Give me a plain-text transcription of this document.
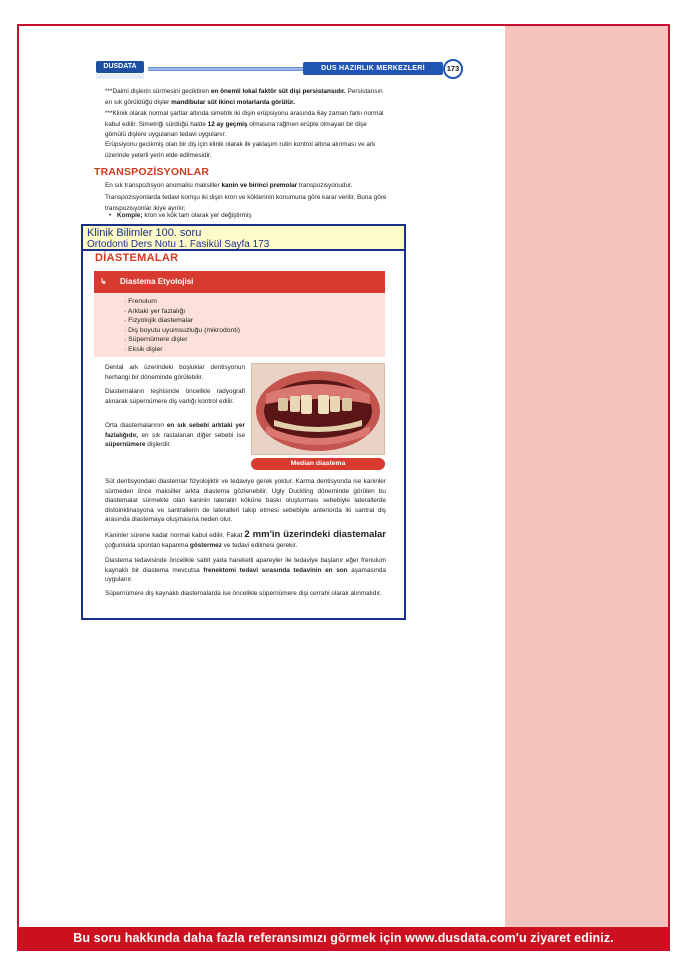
DUSDATA	DUS HAZIRLIK MERKEZLERİ	173
***Daimi dişlerin sürmesini geciktiren en önemli lokal faktör süt dişi persistansıdır. Persistansın en sık görüldüğü dişler mandibular süt ikinci molarlarda görülür.
***Klinik olarak normal şartlar altında simetrik iki dişin erüpsiyonu arasında 6ay zaman farkı normal kabul edilir. Simetriği sürdüğü halde 12 ay geçmiş olmasına rağmen erüpte olmayan bir dişe gömülü dişlere uygulanan tedavi uygulanır.
Erüpsiyonu gecikmiş olan bir diş için klinik olarak ilk yaklaşım rutin kontrol altına alınması ve ark üzerinde yeterli yerin elde edilmesidir.
TRANSPOZİSYONLAR
En sık transpozisyon anomalisi maksiller kanin ve birinci premolar transpozisyonudur.
Transpozisyonlarda tedavi komşu iki dişin kron ve köklerinin konumuna göre karar verilir. Buna göre transpozisyonlar ikiye ayrılır;
• Komple; kron ve kök tam olarak yer değiştirmiş
Klinik Bilimler 100. soru
Ortodonti Ders Notu 1. Fasikül Sayfa 173
DİASTEMALAR
↳ Diastema Etyolojisi
· Frenulum
· Arktaki yer fazlalığı
· Fizyolojik diastemalar
· Diş boyutu uyumsuzluğu (mikrodonti)
· Süpernümere dişler
· Eksik dişler
Dental ark üzerindeki boşluklar dentisyonun herhangi bir döneminde görülebilir.
Diastemaların teşhisinde öncelikle radyografi alınarak süpernümere diş varlığı kontrol edilir.
Orta diastemalarının en sık sebebi arktaki yer fazlalığıdır, en sık rastalanan diğer sebebi ise süpernümere dişlerdir.
Median diastema
Süt dentisyondaki diastemlar fizyolojiktir ve tedaviye gerek yoktur. Karma dentisyonda ise kaninler sürmeden önce maksiller arkta diastema gözlenebilir. Ugly Duckling döneminde görülen bu diastemalar sürmekte olan kaninin lateralin köküne baskı oluşturması sebebiyle laterallerde distoinklinasyona ve santrallerin de lateralleri takip etmesi sebebiyle anteriorda iki santral diş arasında diastemaya oluşmasına neden olur.
Kaninler sürene kadar normal kabul edilir. Fakat 2 mm'in üzerindeki diastemalar çoğunlukla spontan kapanma göstermez ve tedavi edilmesi gerekir.
Diastema tedavisinde öncelikle sabit yada hareketli apareyler ile tedaviye başlanır eğer frenulum kaynaklı bir diastema mevcutsa frenektomi tedavi sırasında tedavinin en son aşamasında uygulanır.
Süpernümere diş kaynaklı diastemalarda ise öncelikle süpernümere dişi cerrahi olarak alınmalıdır.
Bu soru hakkında daha fazla referansımızı görmek için www.dusdata.com'u ziyaret ediniz.
